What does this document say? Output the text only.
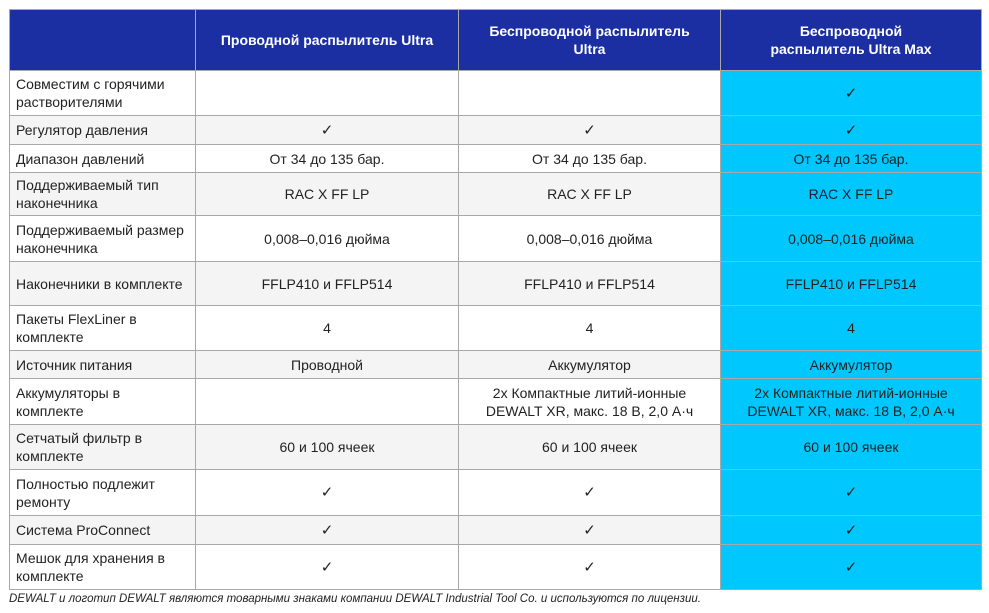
	Проводной распылитель Ultra	Беспроводной распылитель Ultra	Беспроводной распылитель Ultra Max
Совместим с горячими растворителями			✓
Регулятор давления	✓	✓	✓
Диапазон давлений	От 34 до 135 бар.	От 34 до 135 бар.	От 34 до 135 бар.
Поддерживаемый тип наконечника	RAC X FF LP	RAC X FF LP	RAC X FF LP
Поддерживаемый размер наконечника	0,008–0,016 дюйма	0,008–0,016 дюйма	0,008–0,016 дюйма
Наконечники в комплекте	FFLP410 и FFLP514	FFLP410 и FFLP514	FFLP410 и FFLP514
Пакеты FlexLiner в комплекте	4	4	4
Источник питания	Проводной	Аккумулятор	Аккумулятор
Аккумуляторы в комплекте		2x Компактные литий-ионные DEWALT XR, макс. 18 В, 2,0 А·ч	2x Компактные литий-ионные DEWALT XR, макс. 18 В, 2,0 А·ч
Сетчатый фильтр в комплекте	60 и 100 ячеек	60 и 100 ячеек	60 и 100 ячеек
Полностью подлежит ремонту	✓	✓	✓
Система ProConnect	✓	✓	✓
Мешок для хранения в комплекте	✓	✓	✓
DEWALT и логотип DEWALT являются товарными знаками компании DEWALT Industrial Tool Co. и используются по лицензии.
